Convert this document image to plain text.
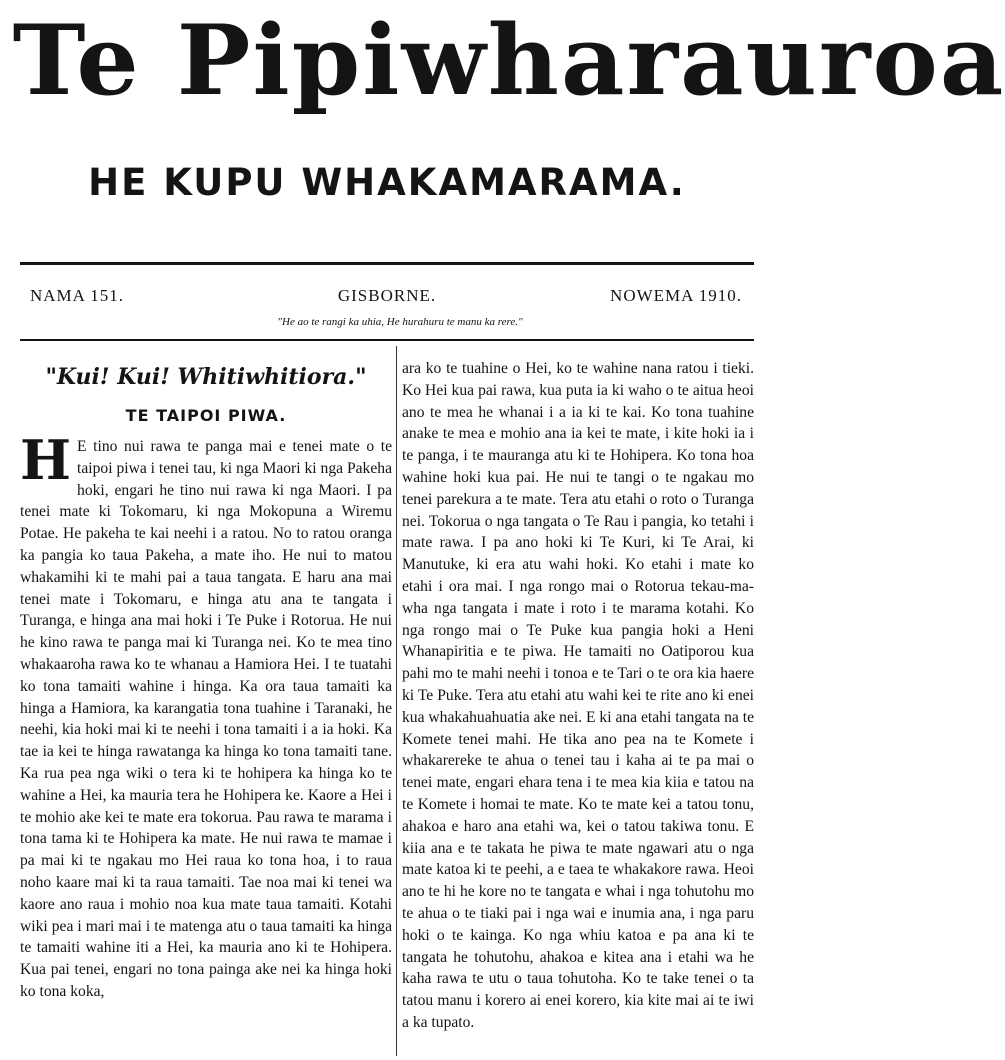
Te Pipiwharauroa
HE KUPU WHAKAMARAMA.
NAMA 151.	GISBORNE.	NOWEMA 1910.
"He ao te rangi ka uhia, He hurahuru te manu ka rere."
"Kui! Kui! Whitiwhitiora."
TE TAIPOI PIWA.

H E tino nui rawa te panga mai e tenei mate o te taipoi piwa i tenei tau, ki nga Maori ki nga Pakeha hoki, engari he tino nui rawa ki nga Maori. I pa tenei mate ki Tokomaru, ki nga Mokopuna a Wiremu Potae. He pakeha te kai neehi i a ratou. No to ratou oranga ka pangia ko taua Pakeha, a mate iho. He nui to matou whakamihi ki te mahi pai a taua tangata. E haru ana mai tenei mate i Tokomaru, e hinga atu ana te tangata i Turanga, e hinga ana mai hoki i Te Puke i Rotorua. He nui he kino rawa te panga mai ki Turanga nei. Ko te mea tino whakaaroha rawa ko te whanau a Hamiora Hei. I te tuatahi ko tona tamaiti wahine i hinga. Ka ora taua tamaiti ka hinga a Hamiora, ka karangatia tona tuahine i Taranaki, he neehi, kia hoki mai ki te neehi i tona tamaiti i a ia hoki. Ka tae ia kei te hinga rawatanga ka hinga ko tona tamaiti tane. Ka rua pea nga wiki o tera ki te hohipera ka hinga ko te wahine a Hei, ka mauria tera he Hohipera ke. Kaore a Hei i te mohio ake kei te mate era tokorua. Pau rawa te marama i tona tama ki te Hohipera ka mate. He nui rawa te mamae i pa mai ki te ngakau mo Hei raua ko tona hoa, i to raua noho kaare mai ki ta raua tamaiti. Tae noa mai ki tenei wa kaore ano raua i mohio noa kua mate taua tamaiti. Kotahi wiki pea i mari mai i te matenga atu o taua tamaiti ka hinga te tamaiti wahine iti a Hei, ka mauria ano ki te Hohipera. Kua pai tenei, engari no tona painga ake nei ka hinga hoki ko tona koka,

ara ko te tuahine o Hei, ko te wahine nana ratou i tieki. Ko Hei kua pai rawa, kua puta ia ki waho o te aitua heoi ano te mea he whanai i a ia ki te kai. Ko tona tuahine anake te mea e mohio ana ia kei te mate, i kite hoki ia i te panga, i te mauranga atu ki te Hohipera. Ko tona hoa wahine hoki kua pai. He nui te tangi o te ngakau mo tenei parekura a te mate. Tera atu etahi o roto o Turanga nei. Tokorua o nga tangata o Te Rau i pangia, ko tetahi i mate rawa. I pa ano hoki ki Te Kuri, ki Te Arai, ki Manutuke, ki era atu wahi hoki. Ko etahi i mate ko etahi i ora mai. I nga rongo mai o Rotorua tekau-ma-wha nga tangata i mate i roto i te marama kotahi. Ko nga rongo mai o Te Puke kua pangia hoki a Heni Whanapiritia e te piwa. He tamaiti no Oatiporou kua pahi mo te mahi neehi i tonoa e te Tari o te ora kia haere ki Te Puke. Tera atu etahi atu wahi kei te rite ano ki enei kua whakahuahuatia ake nei. E ki ana etahi tangata na te Komete tenei mahi. He tika ano pea na te Komete i whakarereke te ahua o tenei tau i kaha ai te pa mai o tenei mate, engari ehara tena i te mea kia kiia e tatou na te Komete i homai te mate. Ko te mate kei a tatou tonu, ahakoa e haro ana etahi wa, kei o tatou takiwa tonu. E kiia ana e te takata he piwa te mate ngawari atu o nga mate katoa ki te peehi, a e taea te whakakore rawa. Heoi ano te hi he kore no te tangata e whai i nga tohutohu mo te ahua o te tiaki pai i nga wai e inumia ana, i nga paru hoki o te kainga. Ko nga whiu katoa e pa ana ki te tangata he tohutohu, ahakoa e kitea ana i etahi wa he kaha rawa te utu o taua tohutoha. Ko te take tenei o ta tatou manu i korero ai enei korero, kia kite mai ai te iwi a ka tupato.
